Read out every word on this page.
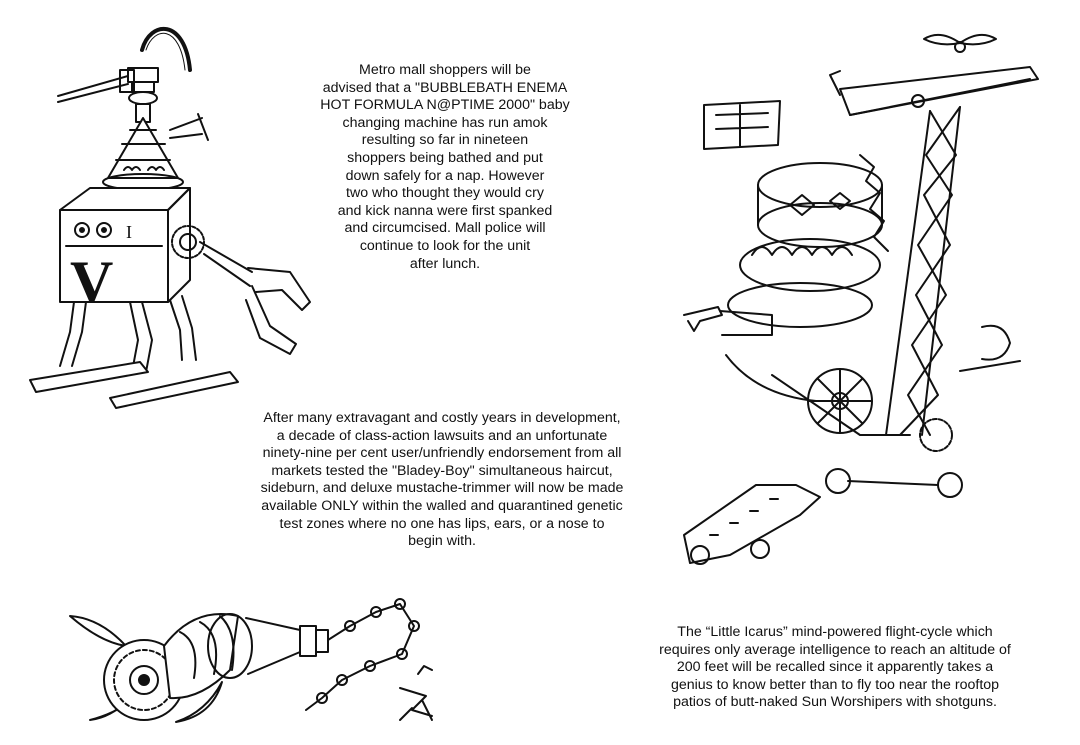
I
V

Metro mall shoppers will be
advised that a "BUBBLEBATH ENEMA
HOT FORMULA N@PTIME 2000" baby
changing machine has run amok
resulting so far in nineteen
shoppers being bathed and put
down safely for a nap. However
two who thought they would cry
and kick nanna were first spanked
and circumcised. Mall police will
continue to look for the unit
after lunch.

After many extravagant and costly years in development,
a decade of class-action lawsuits and an unfortunate
ninety-nine per cent user/unfriendly endorsement from all
markets tested the "Bladey-Boy" simultaneous haircut,
sideburn, and deluxe mustache-trimmer will now be made
available ONLY within the walled and quarantined genetic
test zones where no one has lips, ears, or a nose to
begin with.

The “Little Icarus” mind-powered flight-cycle which
requires only average intelligence to reach an altitude of
200 feet will be recalled since it apparently takes a
genius to know better than to fly too near the rooftop
patios of butt-naked Sun Worshipers with shotguns.
